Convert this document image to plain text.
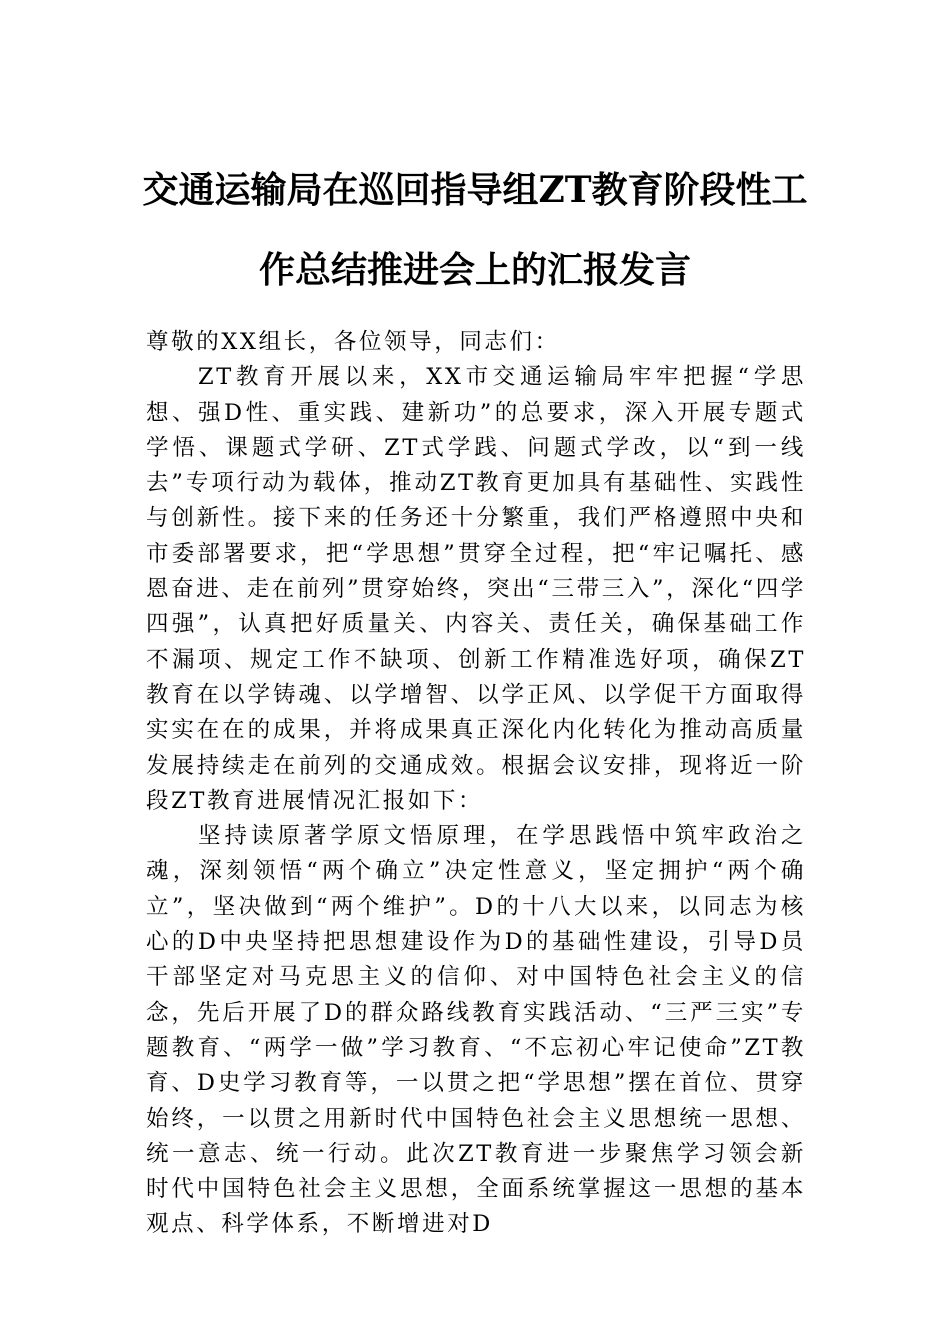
交通运输局在巡回指导组ZT教育阶段性工
作总结推进会上的汇报发言

尊敬的XX组长，各位领导，同志们：

ZT教育开展以来，XX市交通运输局牢牢把握“学思想、强D性、重实践、建新功”的总要求，深入开展专题式学悟、课题式学研、ZT式学践、问题式学改，以“到一线去”专项行动为载体，推动ZT教育更加具有基础性、实践性与创新性。接下来的任务还十分繁重，我们严格遵照中央和市委部署要求，把“学思想”贯穿全过程，把“牢记嘱托、感恩奋进、走在前列”贯穿始终，突出“三带三入”，深化“四学四强”，认真把好质量关、内容关、责任关，确保基础工作不漏项、规定工作不缺项、创新工作精准选好项，确保ZT教育在以学铸魂、以学增智、以学正风、以学促干方面取得实实在在的成果，并将成果真正深化内化转化为推动高质量发展持续走在前列的交通成效。根据会议安排，现将近一阶段ZT教育进展情况汇报如下：

坚持读原著学原文悟原理，在学思践悟中筑牢政治之魂，深刻领悟“两个确立”决定性意义，坚定拥护“两个确立”，坚决做到“两个维护”。D的十八大以来，以同志为核心的D中央坚持把思想建设作为D的基础性建设，引导D员干部坚定对马克思主义的信仰、对中国特色社会主义的信念，先后开展了D的群众路线教育实践活动、“三严三实”专题教育、“两学一做”学习教育、“不忘初心牢记使命”ZT教育、D史学习教育等，一以贯之把“学思想”摆在首位、贯穿始终，一以贯之用新时代中国特色社会主义思想统一思想、统一意志、统一行动。此次ZT教育进一步聚焦学习领会新时代中国特色社会主义思想，全面系统掌握这一思想的基本观点、科学体系，不断增进对D
